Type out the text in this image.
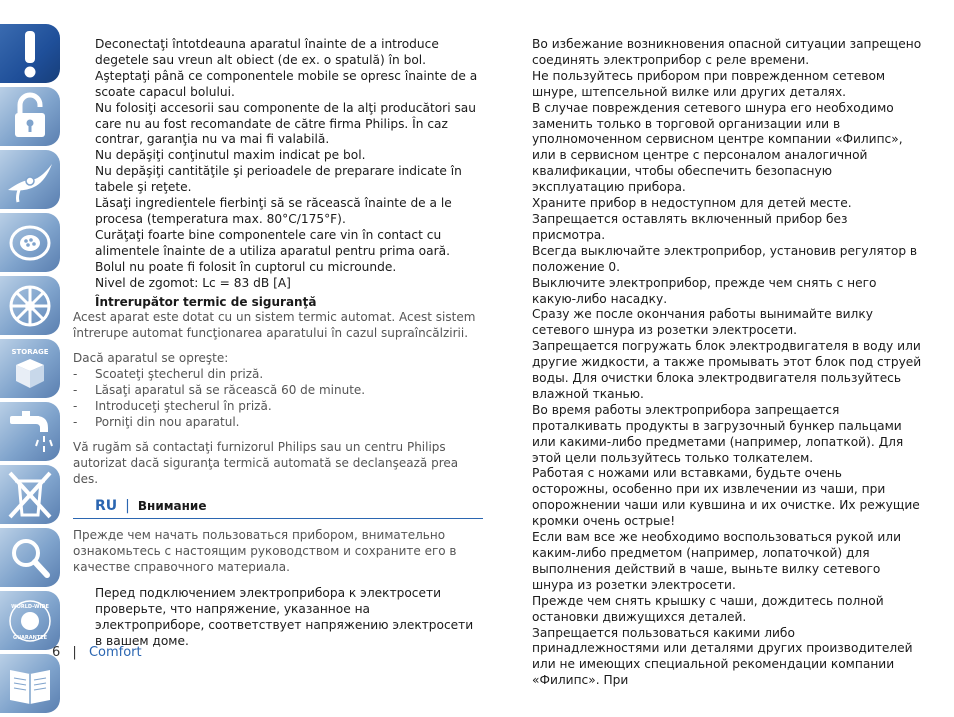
STORAGE
WORLD-WIDE
GUARANTEE

Deconectaţi întotdeauna aparatul înainte de a introduce degetele sau vreun alt obiect (de ex. o spatulă) în bol.

Aşteptaţi până ce componentele mobile se opresc înainte de a scoate capacul bolului.

Nu folosiţi accesorii sau componente de la alţi producători sau care nu au fost recomandate de către firma Philips. În caz contrar, garanţia nu va mai fi valabilă.

Nu depăşiţi conţinutul maxim indicat pe bol.

Nu depăşiţi cantităţile şi perioadele de preparare indicate în tabele şi reţete.

Lăsaţi ingredientele fierbinţi să se răcească înainte de a le procesa (temperatura max. 80°C/175°F).

Curăţaţi foarte bine componentele care vin în contact cu alimentele înainte de a utiliza aparatul pentru prima oară.

Bolul nu poate fi folosit în cuptorul cu microunde.

Nivel de zgomot: Lc = 83 dB [A]

Întrerupător termic de siguranţă

Acest aparat este dotat cu un sistem termic automat. Acest sistem întrerupe automat funcţionarea aparatului în cazul supraîncălzirii.

Dacă aparatul se opreşte:

-	Scoateţi ştecherul din priză.
-	Lăsaţi aparatul să se răcească 60 de minute.
-	Introduceţi ştecherul în priză.
-	Porniţi din nou aparatul.

Vă rugăm să contactaţi furnizorul Philips sau un centru Philips autorizat dacă siguranţa termică automată se declanşează prea des.

RU | Внимание

Прежде чем начать пользоваться прибором, внимательно ознакомьтесь с настоящим руководством и сохраните его в качестве справочного материала.

Перед подключением электроприбора к электросети проверьте, что напряжение, указанное на электроприборе, соответствует напряжению электросети в вашем доме.

Во избежание возникновения опасной ситуации запрещено соединять электроприбор с реле времени.

Не пользуйтесь прибором при поврежденном сетевом шнуре, штепсельной вилке или других деталях.

В случае повреждения сетевого шнура его необходимо заменить только в торговой организации или в уполномоченном сервисном центре компании «Филипс», или в сервисном центре с персоналом аналогичной квалификации, чтобы обеспечить безопасную эксплуатацию прибора.

Храните прибор в недоступном для детей месте.

Запрещается оставлять включенный прибор без присмотра.

Всегда выключайте электроприбор, установив регулятор в положение 0.

Выключите электроприбор, прежде чем снять с него какую-либо насадку.

Сразу же после окончания работы вынимайте вилку сетевого шнура из розетки электросети.

Запрещается погружать блок электродвигателя в воду или другие жидкости, а также промывать этот блок под струей воды. Для очистки блока электродвигателя пользуйтесь влажной тканью.

Во время работы электроприбора запрещается проталкивать продукты в загрузочный бункер пальцами или какими-либо предметами (например, лопаткой). Для этой цели пользуйтесь только толкателем.

Работая с ножами или вставками, будьте очень осторожны, особенно при их извлечении из чаши, при опорожнении чаши или кувшина и их очистке. Их режущие кромки очень острые!

Если вам все же необходимо воспользоваться рукой или каким-либо предметом (например, лопаточкой) для выполнения действий в чаше, выньте вилку сетевого шнура из розетки электросети.

Прежде чем снять крышку с чаши, дождитесь полной остановки движущихся деталей.

Запрещается пользоваться какими либо принадлежностями или деталями других производителей или не имеющих специальной рекомендации компании «Филипс». При

6 | Comfort
